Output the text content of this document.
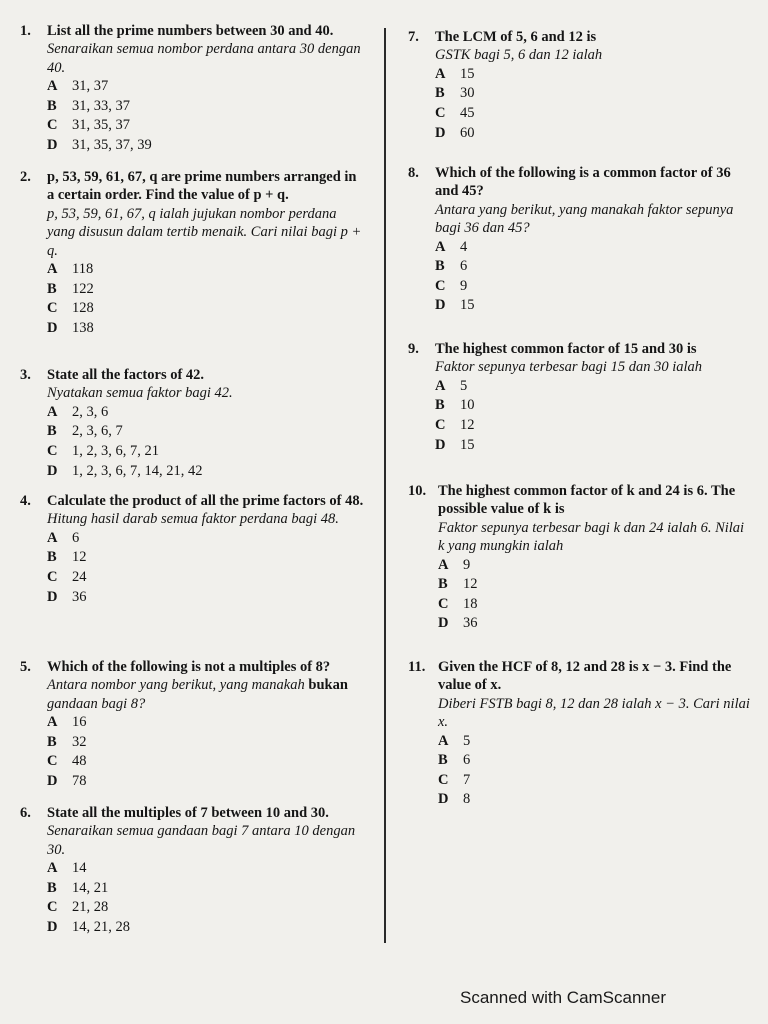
1. List all the prime numbers between 30 and 40.
Senaraikan semua nombor perdana antara 30 dengan 40.
A	31, 37
B	31, 33, 37
C	31, 35, 37
D	31, 35, 37, 39
2. p, 53, 59, 61, 67, q are prime numbers arranged in a certain order. Find the value of p + q.
p, 53, 59, 61, 67, q ialah jujukan nombor perdana yang disusun dalam tertib menaik. Cari nilai bagi p + q.
A	118
B	122
C	128
D	138
3. State all the factors of 42.
Nyatakan semua faktor bagi 42.
A	2, 3, 6
B	2, 3, 6, 7
C	1, 2, 3, 6, 7, 21
D	1, 2, 3, 6, 7, 14, 21, 42
4. Calculate the product of all the prime factors of 48.
Hitung hasil darab semua faktor perdana bagi 48.
A	6
B	12
C	24
D	36
5. Which of the following is not a multiples of 8?
Antara nombor yang berikut, yang manakah bukan gandaan bagi 8?
A	16
B	32
C	48
D	78
6. State all the multiples of 7 between 10 and 30.
Senaraikan semua gandaan bagi 7 antara 10 dengan 30.
A	14
B	14, 21
C	21, 28
D	14, 21, 28
7. The LCM of 5, 6 and 12 is
GSTK bagi 5, 6 dan 12 ialah
A	15
B	30
C	45
D	60
8. Which of the following is a common factor of 36 and 45?
Antara yang berikut, yang manakah faktor sepunya bagi 36 dan 45?
A	4
B	6
C	9
D	15
9. The highest common factor of 15 and 30 is
Faktor sepunya terbesar bagi 15 dan 30 ialah
A	5
B	10
C	12
D	15
10. The highest common factor of k and 24 is 6. The possible value of k is
Faktor sepunya terbesar bagi k dan 24 ialah 6. Nilai k yang mungkin ialah
A	9
B	12
C	18
D	36
11. Given the HCF of 8, 12 and 28 is x − 3. Find the value of x.
Diberi FSTB bagi 8, 12 dan 28 ialah x − 3. Cari nilai x.
A	5
B	6
C	7
D	8
Scanned with CamScanner
